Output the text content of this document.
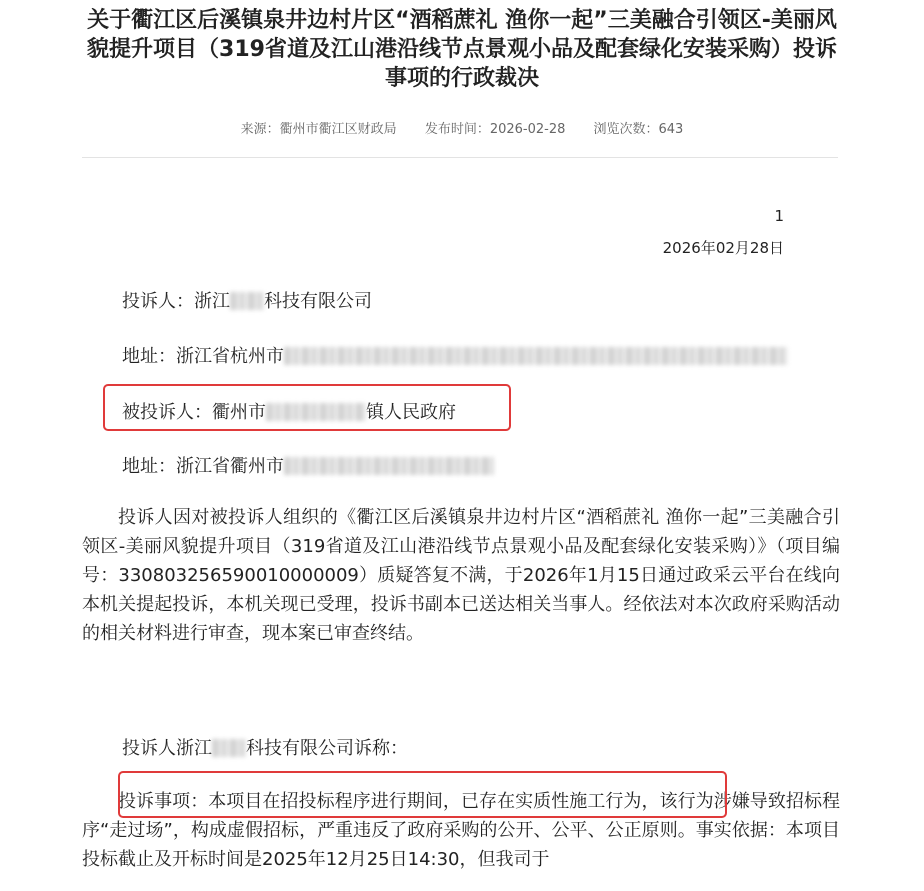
关于衢江区后溪镇泉井边村片区“酒稻蔗礼 渔你一起”三美融合引领区-美丽风貌提升项目（319省道及江山港沿线节点景观小品及配套绿化安装采购）投诉事项的行政裁决
来源：衢州市衢江区财政局 发布时间：2026-02-28 浏览次数：643
1
2026年02月28日
投诉人：浙江 科技有限公司
地址：浙江省杭州市
被投诉人：衢州市	镇人民政府
地址：浙江省衢州市

投诉人因对被投诉人组织的《衢江区后溪镇泉井边村片区“酒稻蔗礼 渔你一起”三美融合引领区-美丽风貌提升项目（319省道及江山港沿线节点景观小品及配套绿化安装采购）》（项目编号：330803256590010000009）质疑答复不满，于2026年1月15日通过政采云平台在线向本机关提起投诉，本机关现已受理，投诉书副本已送达相关当事人。经依法对本次政府采购活动的相关材料进行审查，现本案已审查终结。

投诉人浙江 科技有限公司诉称：

投诉事项：本项目在招投标程序进行期间，已存在实质性施工行为，该行为涉嫌导致招标程序“走过场”，构成虚假招标，严重违反了政府采购的公开、公平、公正原则。事实依据：本项目投标截止及开标时间是2025年12月25日14:30，但我司于
